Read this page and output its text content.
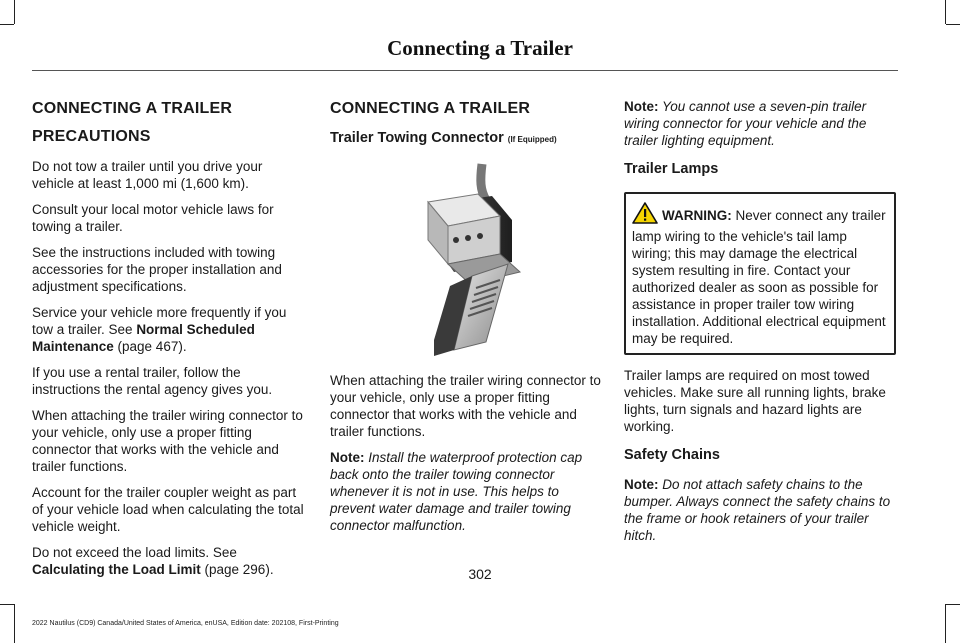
Connecting a Trailer
CONNECTING A TRAILER
PRECAUTIONS

Do not tow a trailer until you drive your vehicle at least 1,000 mi (1,600 km).

Consult your local motor vehicle laws for towing a trailer.

See the instructions included with towing accessories for the proper installation and adjustment specifications.

Service your vehicle more frequently if you tow a trailer. See Normal Scheduled Maintenance (page 467).

If you use a rental trailer, follow the instructions the rental agency gives you.

When attaching the trailer wiring connector to your vehicle, only use a proper fitting connector that works with the vehicle and trailer functions.

Account for the trailer coupler weight as part of your vehicle load when calculating the total vehicle weight.

Do not exceed the load limits. See Calculating the Load Limit (page 296).

CONNECTING A TRAILER
Trailer Towing Connector (If Equipped)

When attaching the trailer wiring connector to your vehicle, only use a proper fitting connector that works with the vehicle and trailer functions.

Note: Install the waterproof protection cap back onto the trailer towing connector whenever it is not in use. This helps to prevent water damage and trailer towing connector malfunction.

Note: You cannot use a seven-pin trailer wiring connector for your vehicle and the trailer lighting equipment.

Trailer Lamps
WARNING: Never connect any trailer lamp wiring to the vehicle's tail lamp wiring; this may damage the electrical system resulting in fire. Contact your authorized dealer as soon as possible for assistance in proper trailer tow wiring installation. Additional electrical equipment may be required.

Trailer lamps are required on most towed vehicles. Make sure all running lights, brake lights, turn signals and hazard lights are working.

Safety Chains

Note: Do not attach safety chains to the bumper. Always connect the safety chains to the frame or hook retainers of your trailer hitch.

302
2022 Nautilus (CD9) Canada/United States of America, enUSA, Edition date: 202108, First-Printing
